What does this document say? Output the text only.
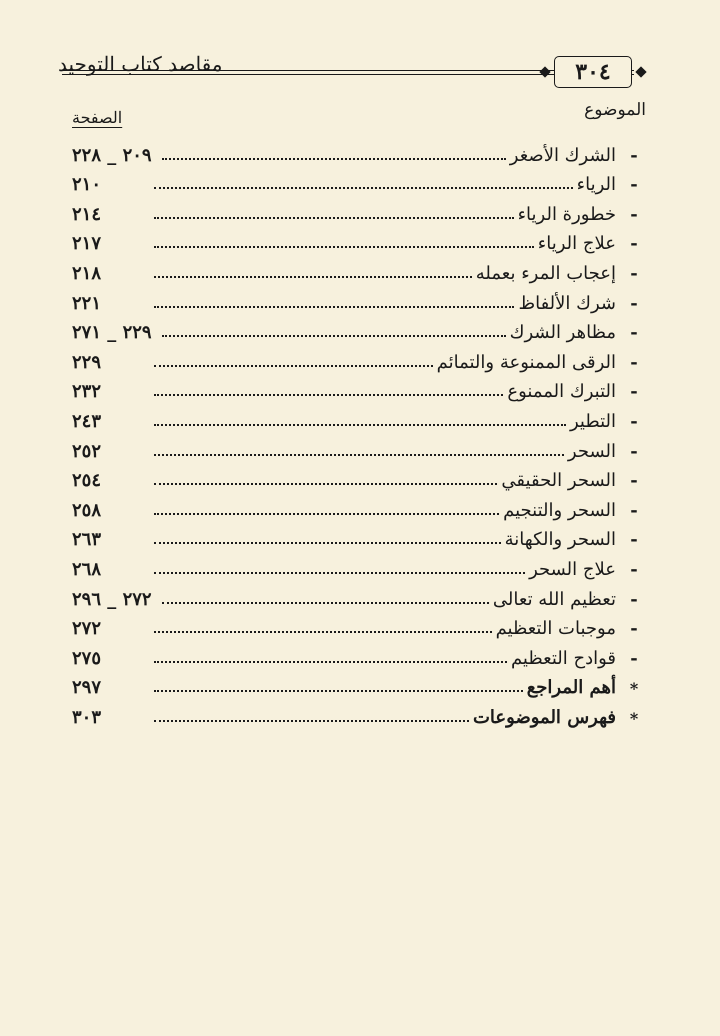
مقاصد كتاب التوحيد	٣٠٤
الموضوع
الصفحة
-
الشرك الأصغر
٢٠٩ _ ٢٢٨
-
الرياء
٢١٠
-
خطورة الرياء
٢١٤
-
علاج الرياء
٢١٧
-
إعجاب المرء بعمله
٢١٨
-
شرك الألفاظ
٢٢١
-
مظاهر الشرك
٢٢٩ _ ٢٧١
-
الرقى الممنوعة والتمائم
٢٢٩
-
التبرك الممنوع
٢٣٢
-
التطير
٢٤٣
-
السحر
٢٥٢
-
السحر الحقيقي
٢٥٤
-
السحر والتنجيم
٢٥٨
-
السحر والكهانة
٢٦٣
-
علاج السحر
٢٦٨
-
تعظيم الله تعالى
٢٧٢ _ ٢٩٦
-
موجبات التعظيم
٢٧٢
-
قوادح التعظيم
٢٧٥
*
أهم المراجع
٢٩٧
*
فهرس الموضوعات
٣٠٣
